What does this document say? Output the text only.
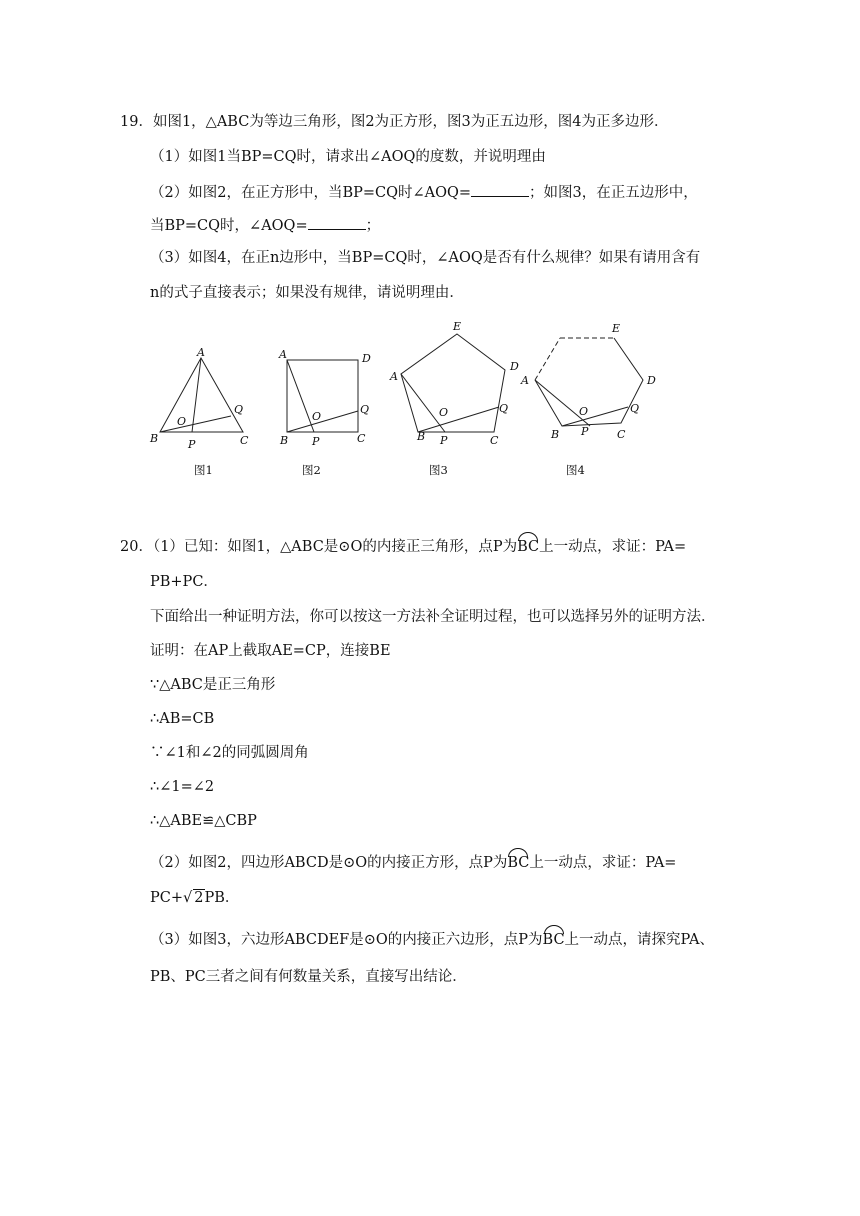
19．如图1，△ABC为等边三角形，图2为正方形，图3为正五边形，图4为正多边形．
（1）如图1当BP=CQ时，请求出∠AOQ的度数，并说明理由
（2）如图2，在正方形中，当BP=CQ时∠AOQ=	；如图3，在正五边形中，
当BP=CQ时，∠AOQ=	；
（3）如图4，在正n边形中，当BP=CQ时，∠AOQ是否有什么规律？如果有请用含有
n的式子直接表示；如果没有规律，请说明理由．
A
B	C
O
P
Q
图1
A	D
B	C
O
P
Q
图2
E
D
A
B	C
O
P
Q
图3
E
D
A
B	C
O
P
Q
图4
20．（1）已知：如图1，△ABC是⊙O的内接正三角形，点P为BC上一动点，求证：PA=
PB+PC．
下面给出一种证明方法，你可以按这一方法补全证明过程，也可以选择另外的证明方法．
证明：在AP上截取AE=CP，连接BE
∵△ABC是正三角形
∴AB=CB
∵∠1和∠2的同弧圆周角
∴∠1=∠2
∴△ABE≌△CBP
（2）如图2，四边形ABCD是⊙O的内接正方形，点P为BC上一动点，求证：PA=
PC+√ 2PB．
（3）如图3，六边形ABCDEF是⊙O的内接正六边形，点P为BC上一动点，请探究PA、
PB、PC三者之间有何数量关系，直接写出结论．
